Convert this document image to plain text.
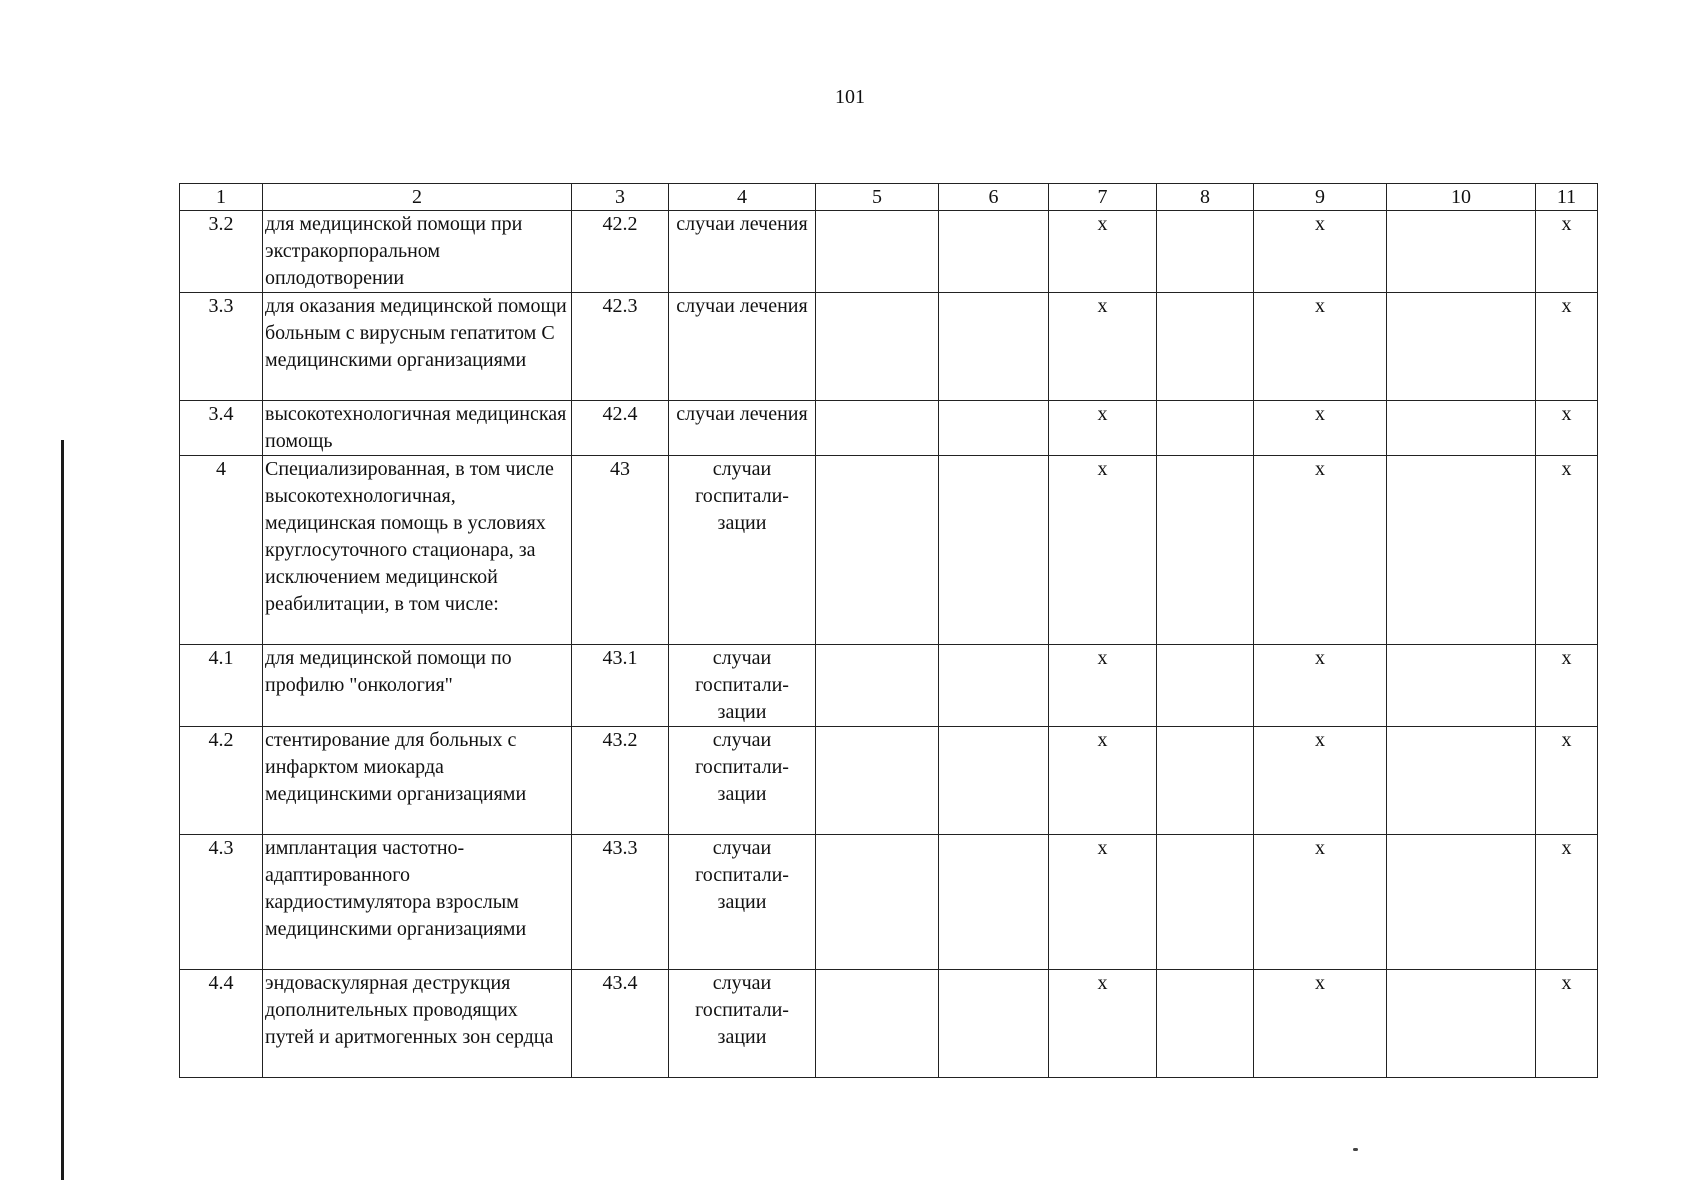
101
1	2	3	4	5	6	7	8	9	10	11
3.2	для медицинской помощи при экстракорпоральном оплодотворении	42.2	случаи лечения			х		х		х
3.3	для оказания медицинской помощи больным с вирусным гепатитом С медицинскими организациями	42.3	случаи лечения			х		х		х
3.4	высокотехнологичная медицинская помощь	42.4	случаи лечения			х		х		х
4	Специализированная, в том числе высокотехнологичная, медицинская помощь в условиях круглосуточного стационара, за исключением медицинской реабилитации, в том числе:	43	случаи госпитали-зации			х		х		х
4.1	для медицинской помощи по профилю "онкология"	43.1	случаи госпитали-зации			х		х		х
4.2	стентирование для больных с инфарктом миокарда медицинскими организациями	43.2	случаи госпитали-зации			х		х		х
4.3	имплантация частотно-адаптированного кардиостимулятора взрослым медицинскими организациями	43.3	случаи госпитали-зации			х		х		х
4.4	эндоваскулярная деструкция дополнительных проводящих путей и аритмогенных зон сердца	43.4	случаи госпитали-зации			х		х		х
